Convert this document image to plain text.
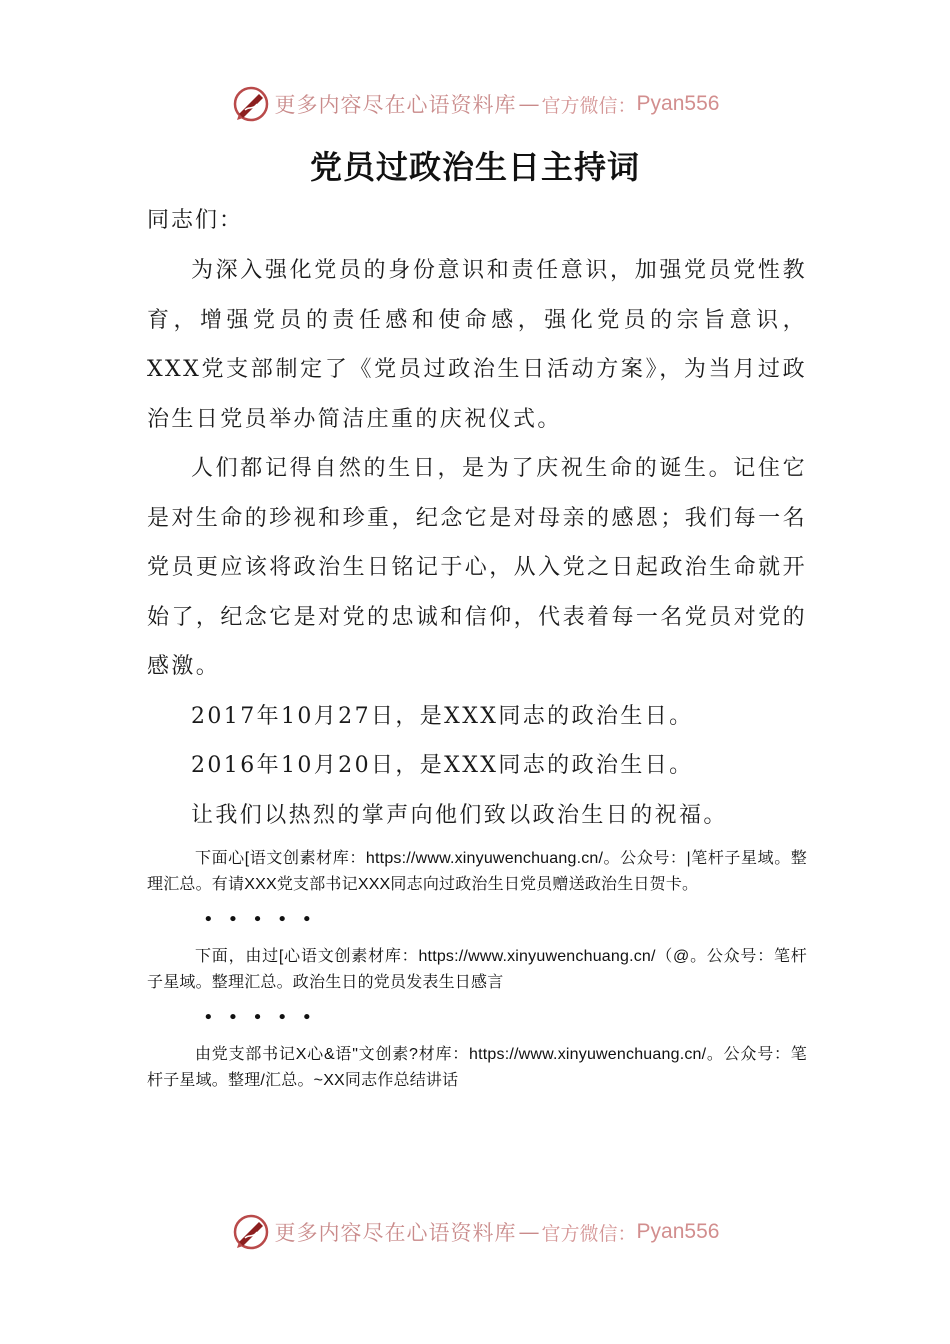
更多内容尽在心语资料库 — 官方微信： Pyan556
党员过政治生日主持词

同志们：

为深入强化党员的身份意识和责任意识，加强党员党性教育，增强党员的责任感和使命感，强化党员的宗旨意识，XXX党支部制定了《党员过政治生日活动方案》，为当月过政治生日党员举办简洁庄重的庆祝仪式。

人们都记得自然的生日，是为了庆祝生命的诞生。记住它是对生命的珍视和珍重，纪念它是对母亲的感恩；我们每一名党员更应该将政治生日铭记于心，从入党之日起政治生命就开始了，纪念它是对党的忠诚和信仰，代表着每一名党员对党的感激。

2017年10月27日，是XXX同志的政治生日。

2016年10月20日，是XXX同志的政治生日。

让我们以热烈的掌声向他们致以政治生日的祝福。

下面心[语文创素材库：https://www.xinyuwenchuang.cn/。公众号：|笔杆子星域。整理汇总。有请XXX党支部书记XXX同志向过政治生日党员赠送政治生日贺卡。

•••••

下面，由过[心语文创素材库：https://www.xinyuwenchuang.cn/（@。公众号：笔杆子星域。整理汇总。政治生日的党员发表生日感言

•••••

由党支部书记X心&语"文创素?材库：https://www.xinyuwenchuang.cn/。公众号：笔杆子星域。整理/汇总。~XX同志作总结讲话

更多内容尽在心语资料库 — 官方微信： Pyan556
